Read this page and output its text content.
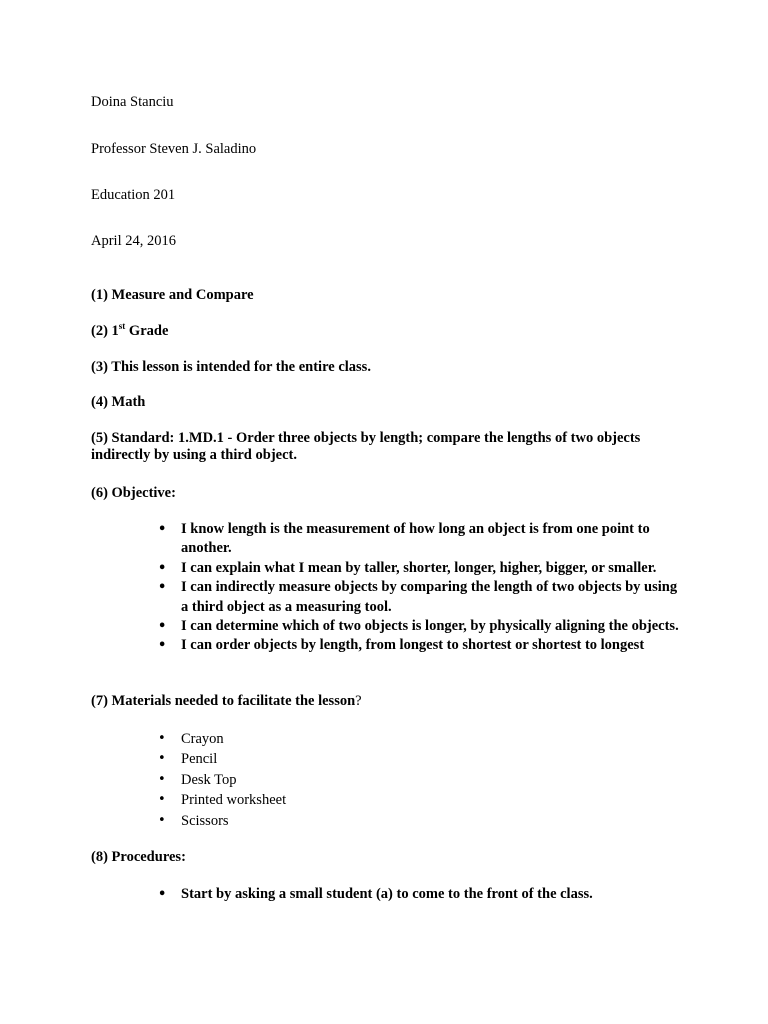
Doina Stanciu

Professor Steven J. Saladino

Education 201

April 24, 2016

(1) Measure and Compare

(2) 1st Grade

(3) This lesson is intended for the entire class.

(4) Math

(5) Standard: 1.MD.1 - Order three objects by length; compare the lengths of two objects indirectly by using a third object.

(6) Objective:

• I know length is the measurement of how long an object is from one point to another.
• I can explain what I mean by taller, shorter, longer, higher, bigger, or smaller.
• I can indirectly measure objects by comparing the length of two objects by using a third object as a measuring tool.
• I can determine which of two objects is longer, by physically aligning the objects.
• I can order objects by length, from longest to shortest or shortest to longest

(7) Materials needed to facilitate the lesson?

• Crayon
• Pencil
• Desk Top
• Printed worksheet
• Scissors

(8) Procedures:

• Start by asking a small student (a) to come to the front of the class.
